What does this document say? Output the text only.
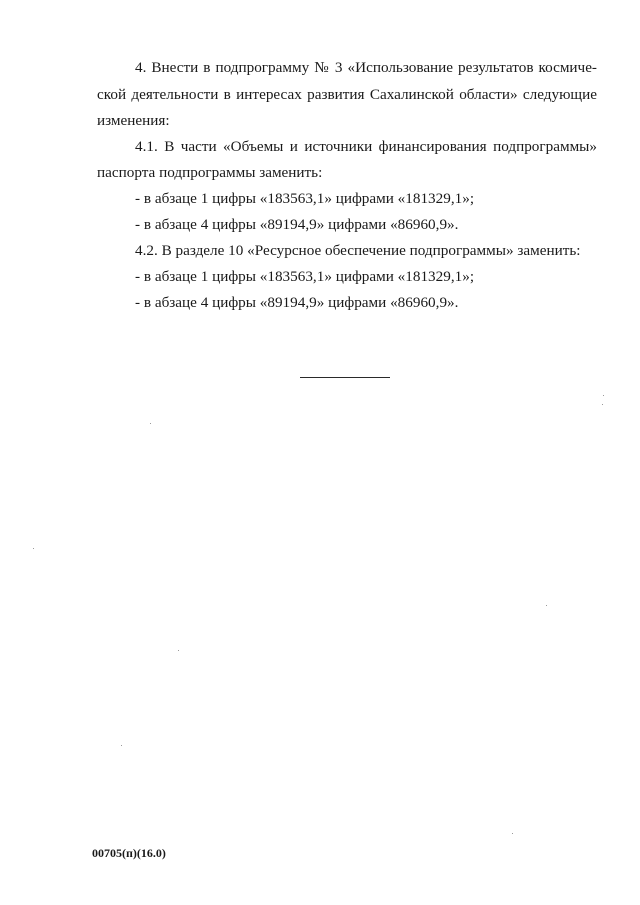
4. Внести в подпрограмму № 3 «Использование результатов космиче-
ской деятельности в интересах развития Сахалинской области» следующие
изменения:
4.1. В части «Объемы и источники финансирования подпрограммы»
паспорта подпрограммы заменить:
- в абзаце 1 цифры «183563,1» цифрами «181329,1»;
- в абзаце 4 цифры «89194,9» цифрами «86960,9».
4.2. В разделе 10 «Ресурсное обеспечение подпрограммы» заменить:
- в абзаце 1 цифры «183563,1» цифрами «181329,1»;
- в абзаце 4 цифры «89194,9» цифрами «86960,9».
00705(п)(16.0)
